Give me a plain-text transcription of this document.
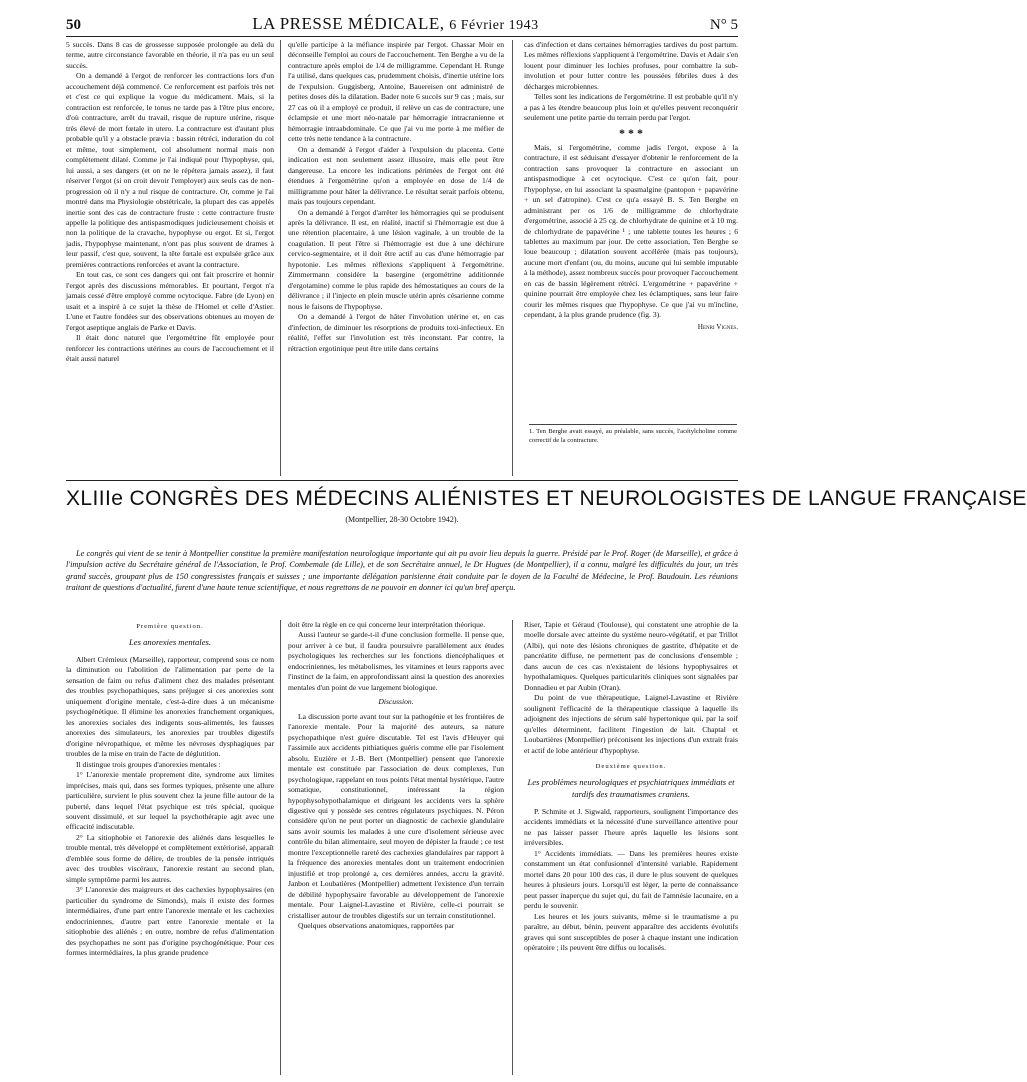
50	LA PRESSE MÉDICALE, 6 Février 1943	N° 5

5 succès. Dans 8 cas de grossesse supposée prolongée au delà du terme, autre circonstance favorable en théorie, il n'a pas eu un seul succès.

On a demandé à l'ergot de renforcer les contractions lors d'un accouchement déjà commencé. Ce renforcement est parfois très net et c'est ce qui explique la vogue du médicament. Mais, si la contraction est renforcée, le tonus ne tarde pas à l'être plus encore, d'où contracture, arrêt du travail, risque de rupture utérine, risque très élevé de mort fœtale in utero. La contracture est d'autant plus probable qu'il y a obstacle prævia : bassin rétréci, induration du col et même, tout simplement, col absolument normal mais non complètement dilaté. Comme je l'ai indiqué pour l'hypophyse, qui, lui aussi, a ses dangers (et on ne le répétera jamais assez), il faut réserver l'ergot (si on croit devoir l'employer) aux seuls cas de non-progression où il n'y a nul risque de contracture. Or, comme je l'ai montré dans ma Physiologie obstétricale, la plupart des cas appelés inertie sont des cas de contracture fruste : cette contracture fruste appelle la politique des antispasmodiques judicieusement choisis et non la politique de la cravache, hypophyse ou ergot. Et si, l'ergot jadis, l'hypophyse maintenant, n'ont pas plus souvent de drames à leur passif, c'est que, souvent, la tête fœtale est expulsée grâce aux premières contractions renforcées et avant la contracture.

En tout cas, ce sont ces dangers qui ont fait proscrire et honnir l'ergot après des discussions mémorables. Et pourtant, l'ergot n'a jamais cessé d'être employé comme ocytocique. Fabre (de Lyon) en usait et a inspiré à ce sujet la thèse de l'Homel et celle d'Astier. L'une et l'autre fondées sur des observations obtenues au moyen de l'ergot aseptique anglais de Parke et Davis.

Il était donc naturel que l'ergométrine fût employée pour renforcer les contractions utérines au cours de l'accouchement et il était aussi naturel

qu'elle participe à la méfiance inspirée par l'ergot. Chassar Moir en déconseille l'emploi au cours de l'accouchement. Ten Berghe a vu de la contracture après emploi de 1/4 de milligramme. Cependant H. Runge l'a utilisé, dans quelques cas, prudemment choisis, d'inertie utérine lors de l'expulsion. Guggisberg, Antoine, Bauereisen ont administré de petites doses dès la dilatation. Bader note 6 succès sur 9 cas ; mais, sur 27 cas où il a employé ce produit, il relève un cas de contracture, une éclampsie et une mort néo-natale par hémorragie intracranienne et hémorragie intraabdominale. Ce que j'ai vu me porte à me méfier de cette très nette tendance à la contracture.

On a demandé à l'ergot d'aider à l'expulsion du placenta. Cette indication est non seulement assez illusoire, mais elle peut être dangereuse. La encore les indications périmées de l'ergot ont été étendues à l'ergométrine qu'on a employée en dose de 1/4 de milligramme pour hâter la délivrance. Le résultat serait parfois obtenu, mais pas toujours cependant.

On a demandé à l'ergot d'arrêter les hémorragies qui se produisent après la délivrance. Il est, en réalité, inactif si l'hémorragie est due à une rétention placentaire, à une lésion vaginale, à un trouble de la coagulation. Il peut l'être si l'hémorragie est due à une déchirure cervico-segmentaire, et il doit être actif au cas d'une hémorragie par hypotonie. Les mêmes réflexions s'appliquent à l'ergométrine. Zimmermann considère la basergine (ergométrine additionnée d'ergotamine) comme le plus rapide des hémostatiques au cours de la délivrance ; il l'injecte en plein muscle utérin après césarienne comme nous le faisons de l'hypophyse.

On a demandé à l'ergot de hâter l'involution utérine et, en cas d'infection, de diminuer les résorptions de produits toxi-infectieux. En réalité, l'effet sur l'involution est très inconstant. Par contre, la rétraction ergotinique peut être utile dans certains

cas d'infection et dans certaines hémorragies tardives du post partum. Les mêmes réflexions s'appliquent à l'ergométrine. Davis et Adair s'en louent pour diminuer les lochies profuses, pour combattre la sub-involution et pour lutter contre les poussées fébriles dues à des décharges microbiennes.

Telles sont les indications de l'ergométrine. Il est probable qu'il n'y a pas à les étendre beaucoup plus loin et qu'elles peuvent reconquérir seulement une petite partie du terrain perdu par l'ergot.

* * *

Mais, si l'ergométrine, comme jadis l'ergot, expose à la contracture, il est séduisant d'essayer d'obtenir le renforcement de la contraction sans provoquer la contracture en associant un antispasmodique à cet ocytocique. C'est ce qu'on fait, pour l'hypophyse, en lui associant la spasmalgine (pantopon + papavérine + un sel d'atropine). C'est ce qu'a essayé B. S. Ten Berghe en administrant per os 1/6 de milligramme de chlorhydrate d'ergométrine, associé à 25 cg. de chlorhydrate de quinine et à 10 mg. de chlorhydrate de papavérine ¹ ; une tablette toutes les heures ; 6 tablettes au maximum par jour. De cette association, Ten Berghe se loue beaucoup ; dilatation souvent accélérée (mais pas toujours), aucune mort d'enfant (ou, du moins, aucune qui lui semble imputable à la méthode), assez nombreux succès pour provoquer l'accouchement en cas de bassin légèrement rétréci. L'ergométrine + papavérine + quinine pourrait être employée chez les éclamptiques, sans leur faire courir les mêmes risques que l'hypophyse. Ce que j'ai vu m'incline, cependant, à la plus grande prudence (fig. 3).

Henri Vignes.
1. Ten Berghe avait essayé, au préalable, sans succès, l'acétylcholine comme correctif de la contracture.
XLIIIe CONGRÈS DES MÉDECINS ALIÉNISTES ET NEUROLOGISTES DE LANGUE FRANÇAISE
(Montpellier, 28-30 Octobre 1942).
Le congrès qui vient de se tenir à Montpellier constitue la première manifestation neurologique importante qui ait pu avoir lieu depuis la guerre. Présidé par le Prof. Roger (de Marseille), et grâce à l'impulsion active du Secrétaire général de l'Association, le Prof. Combemale (de Lille), et de son Secrétaire annuel, le Dr Hugues (de Montpellier), il a connu, malgré les difficultés du jour, un très grand succès, groupant plus de 150 congressistes français et suisses ; une importante délégation parisienne était conduite par le doyen de la Faculté de Médecine, le Prof. Baudouin. Les réunions traitant de questions d'actualité, furent d'une haute tenue scientifique, et nous regrettons de ne pouvoir en donner ici qu'un bref aperçu.
Première question.
Les anorexies mentales.

Albert Crémieux (Marseille), rapporteur, comprend sous ce nom la diminution ou l'abolition de l'alimentation par perte de la sensation de faim ou refus d'aliment chez des malades présentant des troubles psychopathiques, sans préjuger si ces anorexies sont uniquement d'origine mentale, c'est-à-dire dues à un mécanisme psychogénétique. Il élimine les anorexies franchement organiques, les anorexies sociales des indigents sous-alimentés, les fausses anorexies des simulateurs, les anorexies par troubles digestifs d'origine névropathique, et même les névroses dysphagiques par troubles de la mise en train de l'acte de déglutition.

Il distingue trois groupes d'anorexies mentales :

1° L'anorexie mentale proprement dite, syndrome aux limites imprécises, mais qui, dans ses formes typiques, présente une allure particulière, survient le plus souvent chez la jeune fille autour de la puberté, dans lequel l'état psychique est très spécial, quoique souvent dissimulé, et sur lequel la psychothérapie agit avec une efficacité indiscutable.

2° La sitiophobie et l'anorexie des aliénés dans lesquelles le trouble mental, très développé et complètement extériorisé, apparaît d'emblée sous forme de délire, de troubles de la pensée intriqués avec des troubles viscéraux, l'anorexie restant au second plan, simple symptôme parmi les autres.

3° L'anorexie des maigreurs et des cachexies hypophysaires (en particulier du syndrome de Simonds), mais il existe des formes intermédiaires, d'une part entre l'anorexie mentale et les cachexies endocriniennes, d'autre part entre l'anorexie mentale et la sitiophobie des aliénés ; en outre, nombre de refus d'alimentation des psychopathes ne sont pas d'origine psychogénétique. Pour ces formes intermédiaires, la plus grande prudence

doit être la règle en ce qui concerne leur interprétation théorique.

Aussi l'auteur se garde-t-il d'une conclusion formelle. Il pense que, pour arriver à ce but, il faudra poursuivre parallèlement aux études psychologiques les recherches sur les fonctions diencéphaliques et endocriniennes, les métabolismes, les vitamines et leurs rapports avec l'instinct de la faim, en approfondissant ainsi la question des anorexies mentales d'un point de vue largement biologique.

Discussion.

La discussion porte avant tout sur la pathogénie et les frontières de l'anorexie mentale. Pour la majorité des auteurs, sa nature psychopathique n'est guère discutable. Tel est l'avis d'Heuyer qui l'assimile aux accidents pithiatiques guéris comme elle par l'isolement absolu. Euzière et J.-B. Bert (Montpellier) pensent que l'anorexie mentale est constituée par l'association de deux complexes, l'un psychologique, rappelant en tous points l'état mental hystérique, l'autre somatique, constitutionnel, intéressant la région hypophysohypothalamique et dirigeant les accidents vers la sphère digestive qui y possède ses centres régulateurs psychiques. N. Péron considère qu'on ne peut porter un diagnostic de cachexie glandulaire sans avoir soumis les malades à une cure d'isolement sérieuse avec contrôle du bilan alimentaire, seul moyen de dépister la fraude ; ce test montre l'exceptionnelle rareté des cachexies glandulaires par rapport à la fréquence des anorexies mentales dont un traitement endocrinien injustifié et trop prolongé a, ces dernières années, accru la gravité. Janbon et Loubatières (Montpellier) admettent l'existence d'un terrain de débilité hypophysaire favorable au développement de l'anorexie mentale. Pour Laignel-Lavastine et Rivière, celle-ci pourrait se cristalliser autour de troubles digestifs sur un terrain constitutionnel.

Quelques observations anatomiques, rapportées par

Riser, Tapie et Géraud (Toulouse), qui constatent une atrophie de la moelle dorsale avec atteinte du système neuro-végétatif, et par Trillot (Albi), qui note des lésions chroniques de gastrite, d'hépatite et de pancréatite diffuse, ne permettent pas de conclusions d'ensemble ; dans aucun de ces cas n'existaient de lésions hypophysaires et hypothalamiques. Quelques particularités cliniques sont signalées par Donnadieu et par Aubin (Oran).

Du point de vue thérapeutique, Laignel-Lavastine et Rivière soulignent l'efficacité de la thérapeutique classique à laquelle ils adjoignent des injections de sérum salé hypertonique qui, par la soif qu'elles déterminent, facilitent l'ingestion de lait. Chaptal et Loubartières (Montpellier) préconisent les injections d'un extrait frais et actif de lobe antérieur d'hypophyse.

Deuxième question.
Les problèmes neurologiques et psychiatriques immédiats et tardifs des traumatismes craniens.

P. Schmite et J. Sigwald, rapporteurs, soulignent l'importance des accidents immédiats et la nécessité d'une surveillance attentive pour ne pas laisser passer l'heure après laquelle les lésions sont irréversibles.

1° Accidents immédiats. — Dans les premières heures existe constamment un état confusionnel d'intensité variable. Rapidement mortel dans 20 pour 100 des cas, il dure le plus souvent de quelques heures à plusieurs jours. Lorsqu'il est léger, la perte de connaissance peut passer inaperçue du sujet qui, du fait de l'amnésie lacunaire, en a perdu le souvenir.

Les heures et les jours suivants, même si le traumatisme a pu paraître, au début, bénin, peuvent apparaître des accidents évolutifs graves qui sont susceptibles de poser à chaque instant une indication opératoire ; ils peuvent être diffus ou localisés.
